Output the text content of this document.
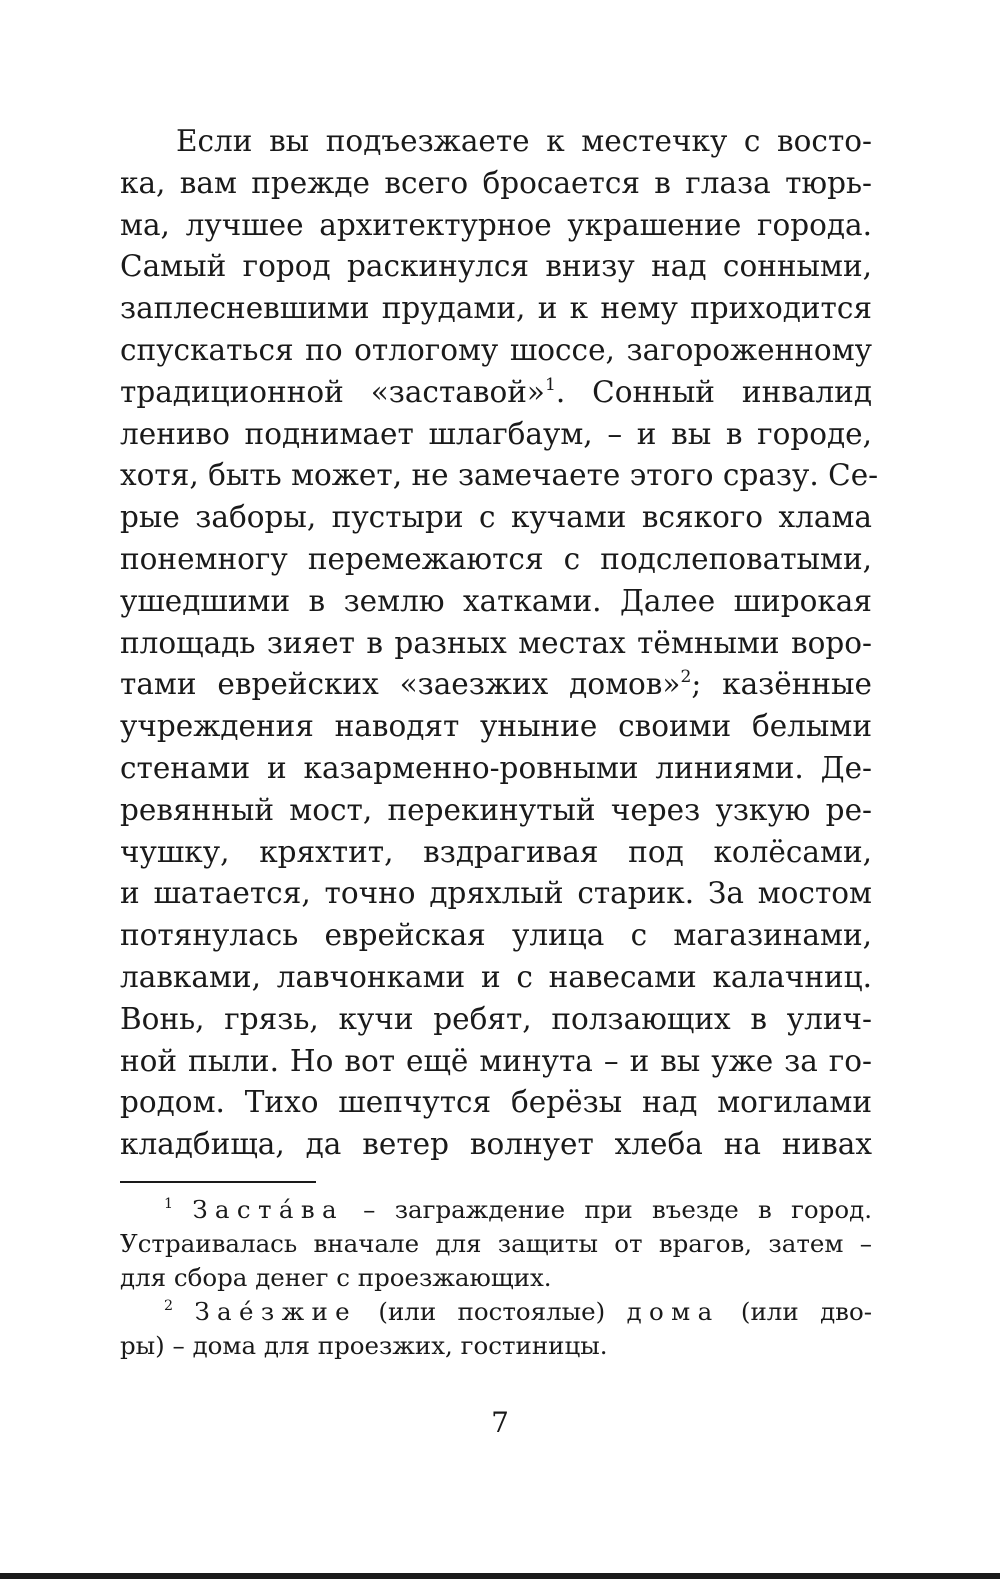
Если вы подъезжаете к местечку с восто-
ка, вам прежде всего бросается в глаза тюрь-
ма, лучшее архитектурное украшение города.
Самый город раскинулся внизу над сонными,
заплесневшими прудами, и к нему приходится
спускаться по отлогому шоссе, загороженному
традиционной «заставой»$^1$. Сонный инвалид
лениво поднимает шлагбаум, – и вы в городе,
хотя, быть может, не замечаете этого сразу. Се-
рые заборы, пустыри с кучами всякого хлама
понемногу перемежаются с подслеповатыми,
ушедшими в землю хатками. Далее широкая
площадь зияет в разных местах тёмными воро-
тами еврейских «заезжих домов»$^2$; казённые
учреждения наводят уныние своими белыми
стенами и казарменно-ровными линиями. Де-
ревянный мост, перекинутый через узкую ре-
чушку, кряхтит, вздрагивая под колёсами,
и шатается, точно дряхлый старик. За мостом
потянулась еврейская улица с магазинами,
лавками, лавчонками и с навесами калачниц.
Вонь, грязь, кучи ребят, ползающих в улич-
ной пыли. Но вот ещё минута – и вы уже за го-
родом. Тихо шепчутся берёзы над могилами
кладбища, да ветер волнует хлеба на нивах
$^1$ Застáва – заграждение при въезде в город.
Устраивалась вначале для защиты от врагов, затем –
для сбора денег с проезжающих.
$^2$ Заéзжие (или постоялые) дома (или дво-
ры) – дома для проезжих, гостиницы.
7
